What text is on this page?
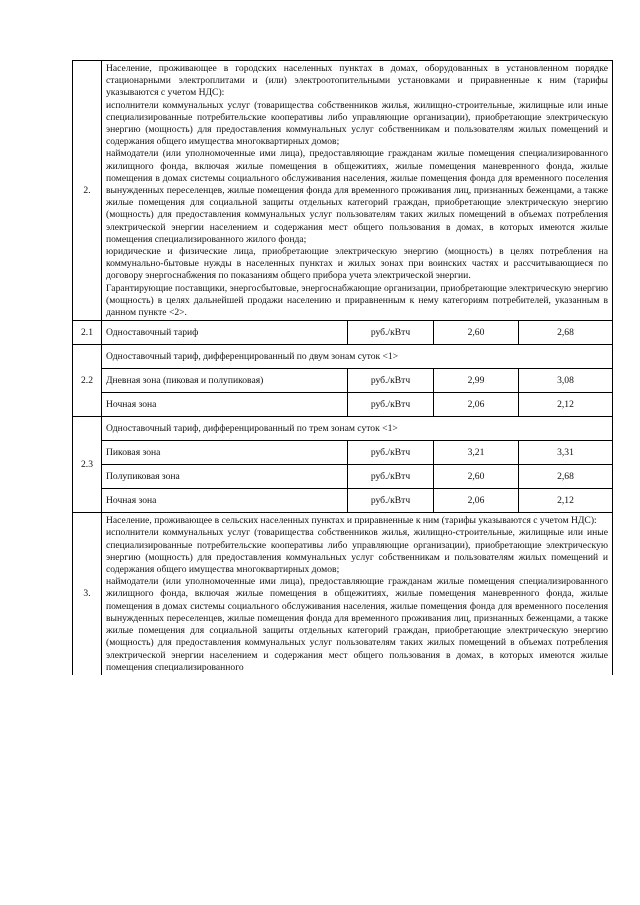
2.	Население, проживающее в городских населенных пунктах в домах, оборудованных в установленном порядке стационарными электроплитами и (или) электроотопительными установками и приравненные к ним (тарифы указываются с учетом НДС):

исполнители коммунальных услуг (товарищества собственников жилья, жилищно-строительные, жилищные или иные специализированные потребительские кооперативы либо управляющие организации), приобретающие электрическую энергию (мощность) для предоставления коммунальных услуг собственникам и пользователям жилых помещений и содержания общего имущества многоквартирных домов;

наймодатели (или уполномоченные ими лица), предоставляющие гражданам жилые помещения специализированного жилищного фонда, включая жилые помещения в общежитиях, жилые помещения маневренного фонда, жилые помещения в домах системы социального обслуживания населения, жилые помещения фонда для временного поселения вынужденных переселенцев, жилые помещения фонда для временного проживания лиц, признанных беженцами, а также жилые помещения для социальной защиты отдельных категорий граждан, приобретающие электрическую энергию (мощность) для предоставления коммунальных услуг пользователям таких жилых помещений в объемах потребления электрической энергии населением и содержания мест общего пользования в домах, в которых имеются жилые помещения специализированного жилого фонда;

юридические и физические лица, приобретающие электрическую энергию (мощность) в целях потребления на коммунально-бытовые нужды в населенных пунктах и жилых зонах при воинских частях и рассчитывающиеся по договору энергоснабжения по показаниям общего прибора учета электрической энергии.

Гарантирующие поставщики, энергосбытовые, энергоснабжающие организации, приобретающие электрическую энергию (мощность) в целях дальнейшей продажи населению и приравненным к нему категориям потребителей, указанным в данном пункте <2>.			

2.1	Одноставочный тариф	руб./кВтч	2,60	2,68
2.2	Одноставочный тариф, дифференцированный по двум зонам суток <1>			
	Дневная зона (пиковая и полупиковая)	руб./кВтч	2,99	3,08
	Ночная зона	руб./кВтч	2,06	2,12
2.3	Одноставочный тариф, дифференцированный по трем зонам суток <1>			
	Пиковая зона	руб./кВтч	3,21	3,31
	Полупиковая зона	руб./кВтч	2,60	2,68
	Ночная зона	руб./кВтч	2,06	2,12
3.	Население, проживающее в сельских населенных пунктах и приравненные к ним (тарифы указываются с учетом НДС):

исполнители коммунальных услуг (товарищества собственников жилья, жилищно-строительные, жилищные или иные специализированные потребительские кооперативы либо управляющие организации), приобретающие электрическую энергию (мощность) для предоставления коммунальных услуг собственникам и пользователям жилых помещений и содержания общего имущества многоквартирных домов;

наймодатели (или уполномоченные ими лица), предоставляющие гражданам жилые помещения специализированного жилищного фонда, включая жилые помещения в общежитиях, жилые помещения маневренного фонда, жилые помещения в домах системы социального обслуживания населения, жилые помещения фонда для временного поселения вынужденных переселенцев, жилые помещения фонда для временного проживания лиц, признанных беженцами, а также жилые помещения для социальной защиты отдельных категорий граждан, приобретающие электрическую энергию (мощность) для предоставления коммунальных услуг пользователям таких жилых помещений в объемах потребления электрической энергии населением и содержания мест общего пользования в домах, в которых имеются жилые помещения специализированного			
